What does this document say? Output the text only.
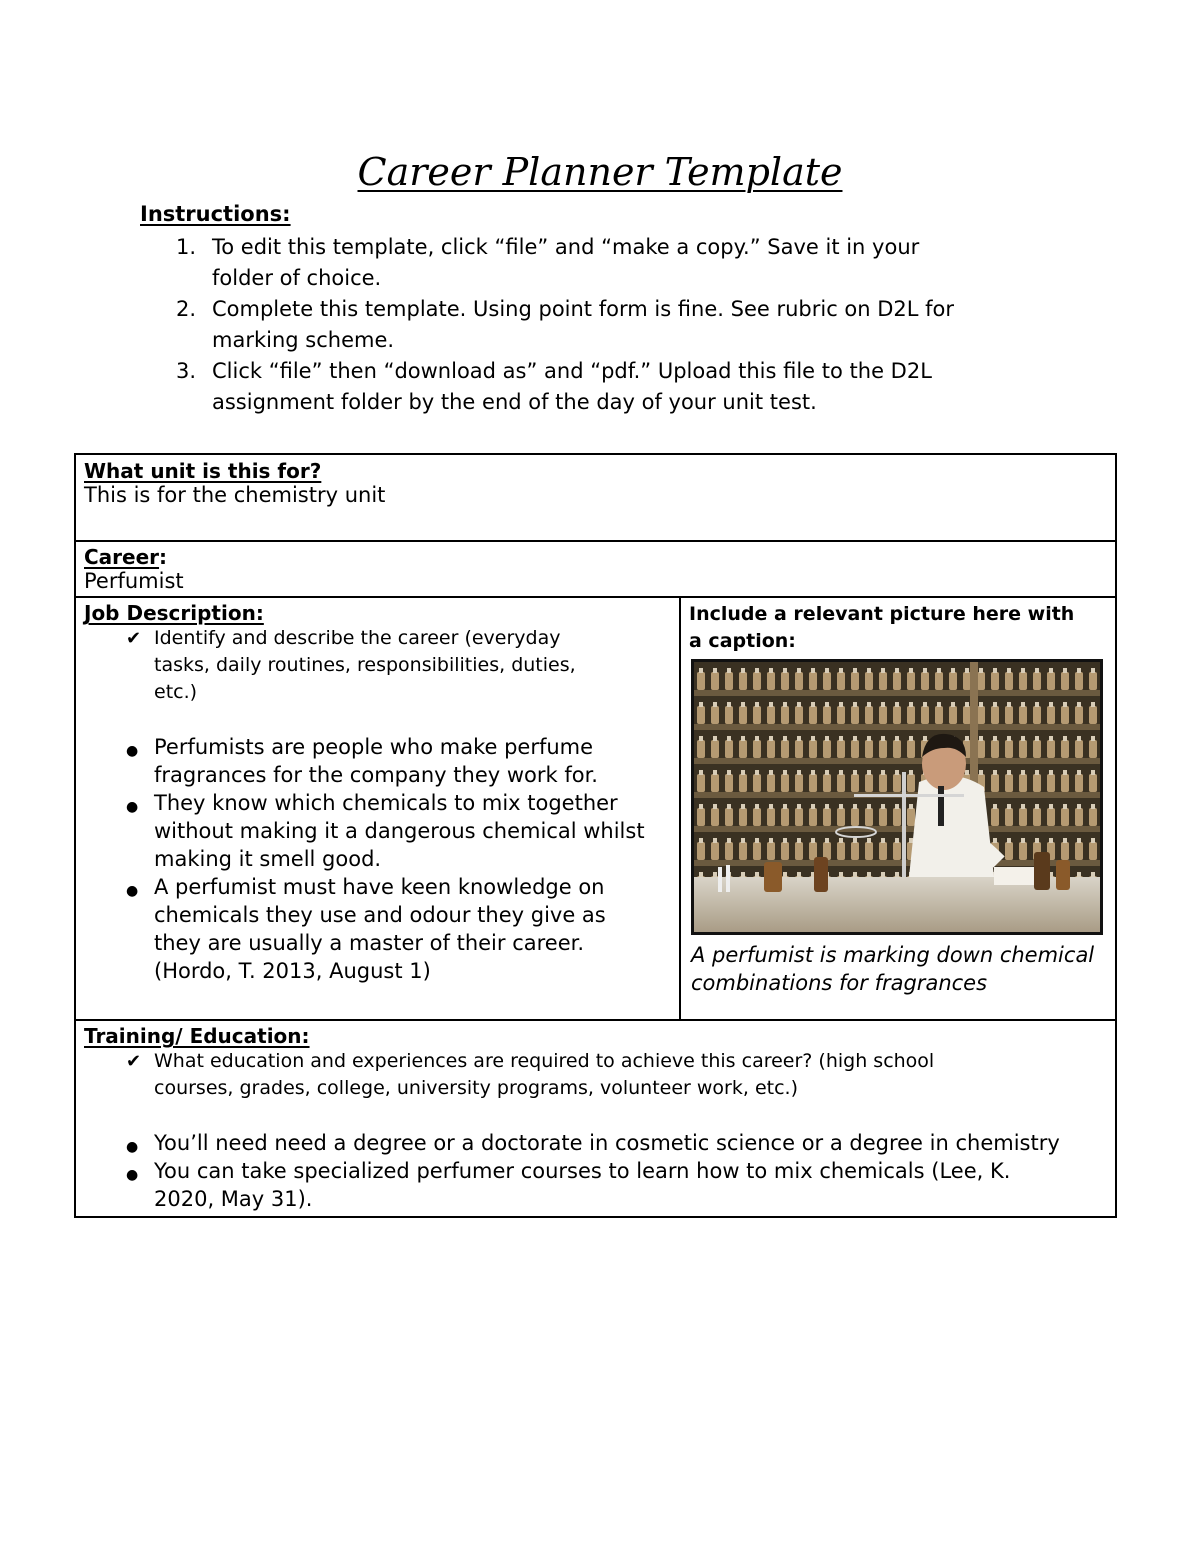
Career Planner Template
Instructions:
1. To edit this template, click “file” and “make a copy.” Save it in your
folder of choice.
2. Complete this template. Using point form is fine. See rubric on D2L for
marking scheme.
3. Click “file” then “download as” and “pdf.” Upload this file to the D2L
assignment folder by the end of the day of your unit test.
What unit is this for?
This is for the chemistry unit
Career:
Perfumist
Job Description:
✔ Identify and describe the career (everyday
tasks, daily routines, responsibilities, duties,
etc.)
● Perfumists are people who make perfume
fragrances for the company they work for.
● They know which chemicals to mix together
without making it a dangerous chemical whilst
making it smell good.
● A perfumist must have keen knowledge on
chemicals they use and odour they give as
they are usually a master of their career.
(Hordo, T. 2013, August 1)
Include a relevant picture here with
a caption:
A perfumist is marking down chemical
combinations for fragrances
Training/ Education:
✔ What education and experiences are required to achieve this career? (high school
courses, grades, college, university programs, volunteer work, etc.)
● You’ll need need a degree or a doctorate in cosmetic science or a degree in chemistry
● You can take specialized perfumer courses to learn how to mix chemicals (Lee, K.
2020, May 31).
